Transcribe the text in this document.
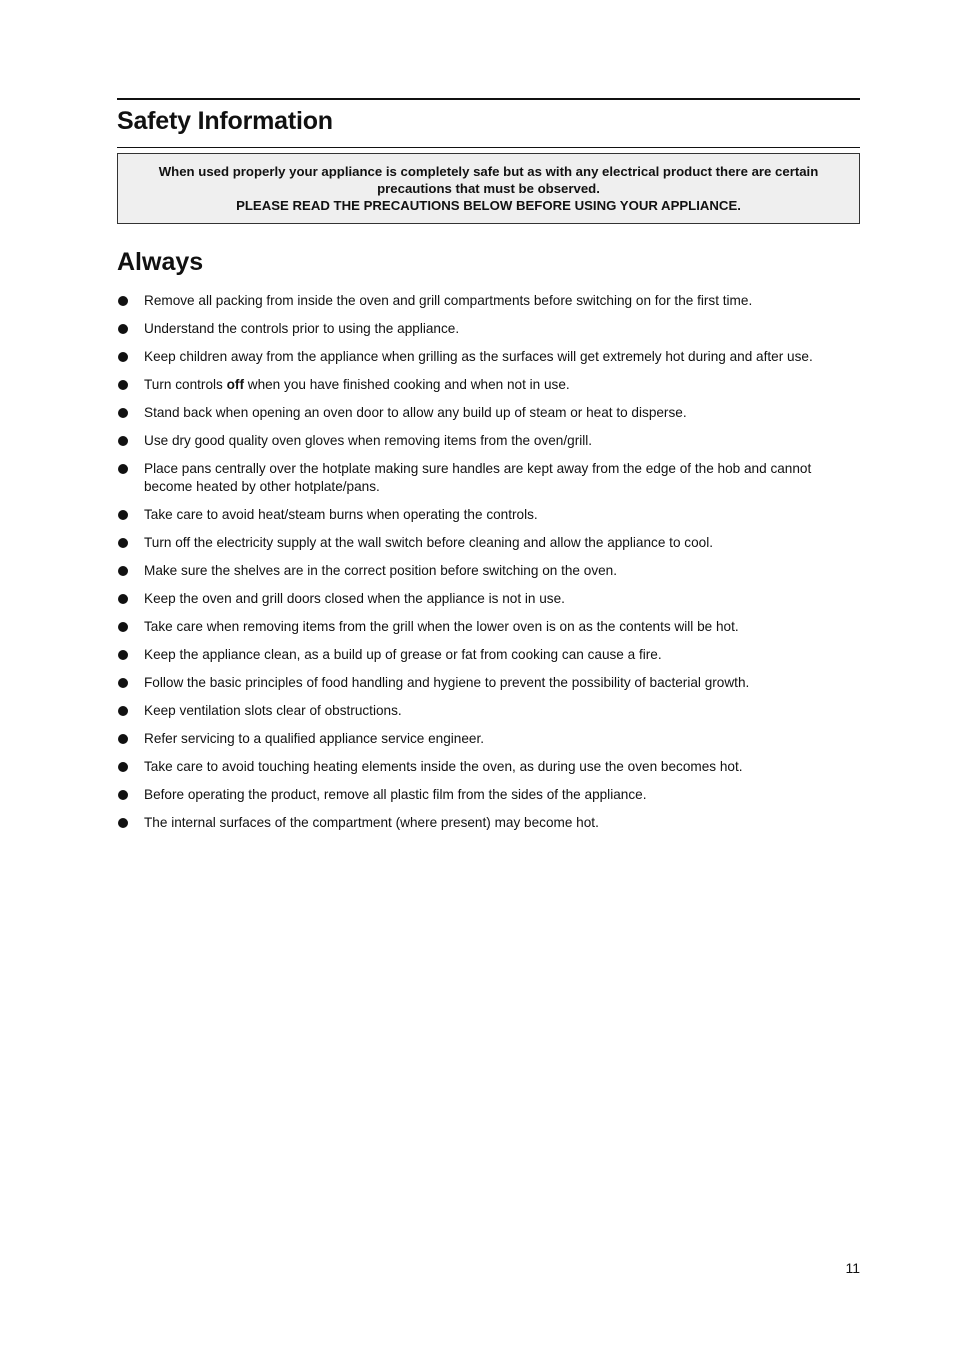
Safety Information
When used properly your appliance is completely safe but as with any electrical product there are certain precautions that must be observed.
PLEASE READ THE PRECAUTIONS BELOW BEFORE USING YOUR APPLIANCE.
Always
Remove all packing from inside the oven and grill compartments before switching on for the first time.
Understand the controls prior to using the appliance.
Keep children away from the appliance when grilling as the surfaces will get extremely hot during and after use.
Turn controls off when you have finished cooking and when not in use.
Stand back when opening an oven door to allow any build up of steam or heat to disperse.
Use dry good quality oven gloves when removing items from the oven/grill.
Place pans centrally over the hotplate making sure handles are kept away from the edge of the hob and cannot become heated by other hotplate/pans.
Take care to avoid heat/steam burns when operating the controls.
Turn off the electricity supply at the wall switch before cleaning and allow the appliance to cool.
Make sure the shelves are in the correct position before switching on the oven.
Keep the oven and grill doors closed when the appliance is not in use.
Take care when removing items from the grill when the lower oven is on as the contents will be hot.
Keep the appliance clean, as a build up of grease or fat from cooking can cause a fire.
Follow the basic principles of food handling and hygiene to prevent the possibility of bacterial growth.
Keep ventilation slots clear of obstructions.
Refer servicing to a qualified appliance service engineer.
Take care to avoid touching heating elements inside the oven, as during use the oven becomes hot.
Before operating the product, remove all plastic film from the sides of the appliance.
The internal surfaces of the compartment (where present) may become hot.
11
